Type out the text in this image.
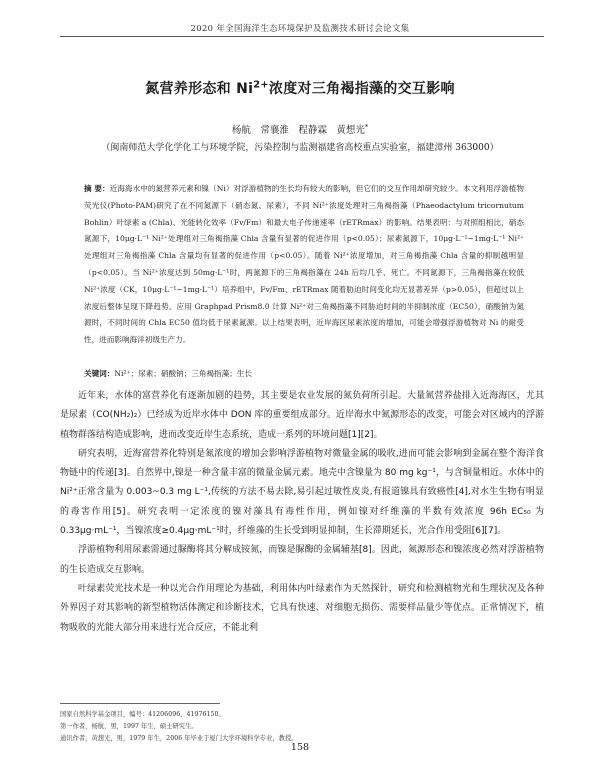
2020 年全国海洋生态环境保护及监测技术研讨会论文集
氮营养形态和 $Ni^{2+}$浓度对三角褐指藻的交互影响
杨航　常襄淮　程静霖　黄想光*
（闽南师范大学化学化工与环境学院，污染控制与监测福建省高校重点实验室，福建漳州 363000）
摘 要：近海海水中的氮营养元素和镍（Ni）对浮游植物的生长均有较大的影响，但它们的交互作用却研究较少。本文利用浮游植物荧光仪(Photo-PAM)研究了在不同氮源下（硝态氮、尿素），不同 Ni²⁺浓度处理对三角褐指藻（Phaeodactylum tricornutum Bohlin）叶绿素 a (Chla)、光能转化效率（Fv/Fm）和最大电子传递速率（rETRmax）的影响。结果表明：与对照组相比，硝态氮源下，10μg·L⁻¹ Ni²⁺处理组对三角褐指藻 Chla 含量有显著的促进作用（p<0.05）；尿素氮源下，10μg·L⁻¹~1mg·L⁻¹ Ni²⁺处理组对三角褐指藻 Chla 含量均有显著的促进作用（p<0.05）。随着 Ni²⁺浓度增加，对三角褐指藻 Chla 含量的抑制越明显（p<0.05）。当 Ni²⁺浓度达到 50mg·L⁻¹时，两氮源下的三角褐指藻在 24h 后均几乎、死亡。不同氮源下，三角褐指藻在较低 Ni²⁺浓度（CK，10μg·L⁻¹~1mg·L⁻¹）培养组中，Fv/Fm、rETRmax 随着胁迫时间变化均无显著差异（p>0.05），但超过以上浓度后整体呈现下降趋势。应用 Graphpad Prism8.0 计算 Ni²⁺对三角褐指藻不同胁迫时间的半抑制浓度（EC50），硝酸钠为氮源时，不同时间的 Chla EC50 值均低于尿素氮源。以上结果表明，近岸海区尿素浓度的增加，可能会增强浮游植物对 Ni 的耐受性，进而影响海洋初级生产力。
关键词：Ni²⁺；尿素；硝酸钠；三角褐指藻；生长

近年来，水体的富营养化有逐渐加剧的趋势，其主要是农业发展的氮负荷所引起。大量氮营养盐排入近海海区，尤其是尿素（CO(NH₂)₂）已经成为近岸水体中 DON 库的重要组成部分。近岸海水中氮源形态的改变，可能会对区域内的浮游植物群落结构造成影响，进而改变近岸生态系统，造成一系列的环境问题[1][2]。

研究表明，近海富营养化特别是氮浓度的增加会影响浮游植物对微量金属的吸收,进而可能会影响到金属在整个海洋食物链中的传递[3]。自然界中,镍是一种含量丰富的微量金属元素。地壳中含镍量为 80 mg kg⁻¹，与含铜量相近。水体中的 Ni²⁺正常含量为 0.003~0.3 mg L⁻¹,传统的方法不易去除,易引起过敏性皮炎,有报道镍具有致癌性[4],对水生生物有明显的毒害作用[5]。研究表明一定浓度的镍对藻具有毒性作用，例如镍对纤维藻的半数有效浓度 96h EC₅₀ 为 0.33μg·mL⁻¹，当镍浓度≥0.4μg·mL⁻¹时，纤维藻的生长受到明显抑制，生长滞期延长，光合作用受阻[6][7]。

浮游植物利用尿素需通过脲酶将其分解成铵氮，而镍是脲酶的金属辅基[8]。因此，氮源形态和镍浓度必然对浮游植物的生长造成交互影响。

叶绿素荧光技术是一种以光合作用理论为基础，利用体内叶绿素作为天然探针，研究和检测植物光和生理状况及各种外界因子对其影响的新型植物活体测定和诊断技术，它具有快速、对细胞无损伤、需要样品量少等优点。正常情况下，植物吸收的光能大部分用来进行光合反应，不能北利

国家自然科学基金项目，编号：41206096，41976150。
第一作者，杨航，男，1997 年生，硕士研究生。
通讯作者，黄想光，男，1979 年生，2006 年毕业于厦门大学环境科学专业，教授。
158
